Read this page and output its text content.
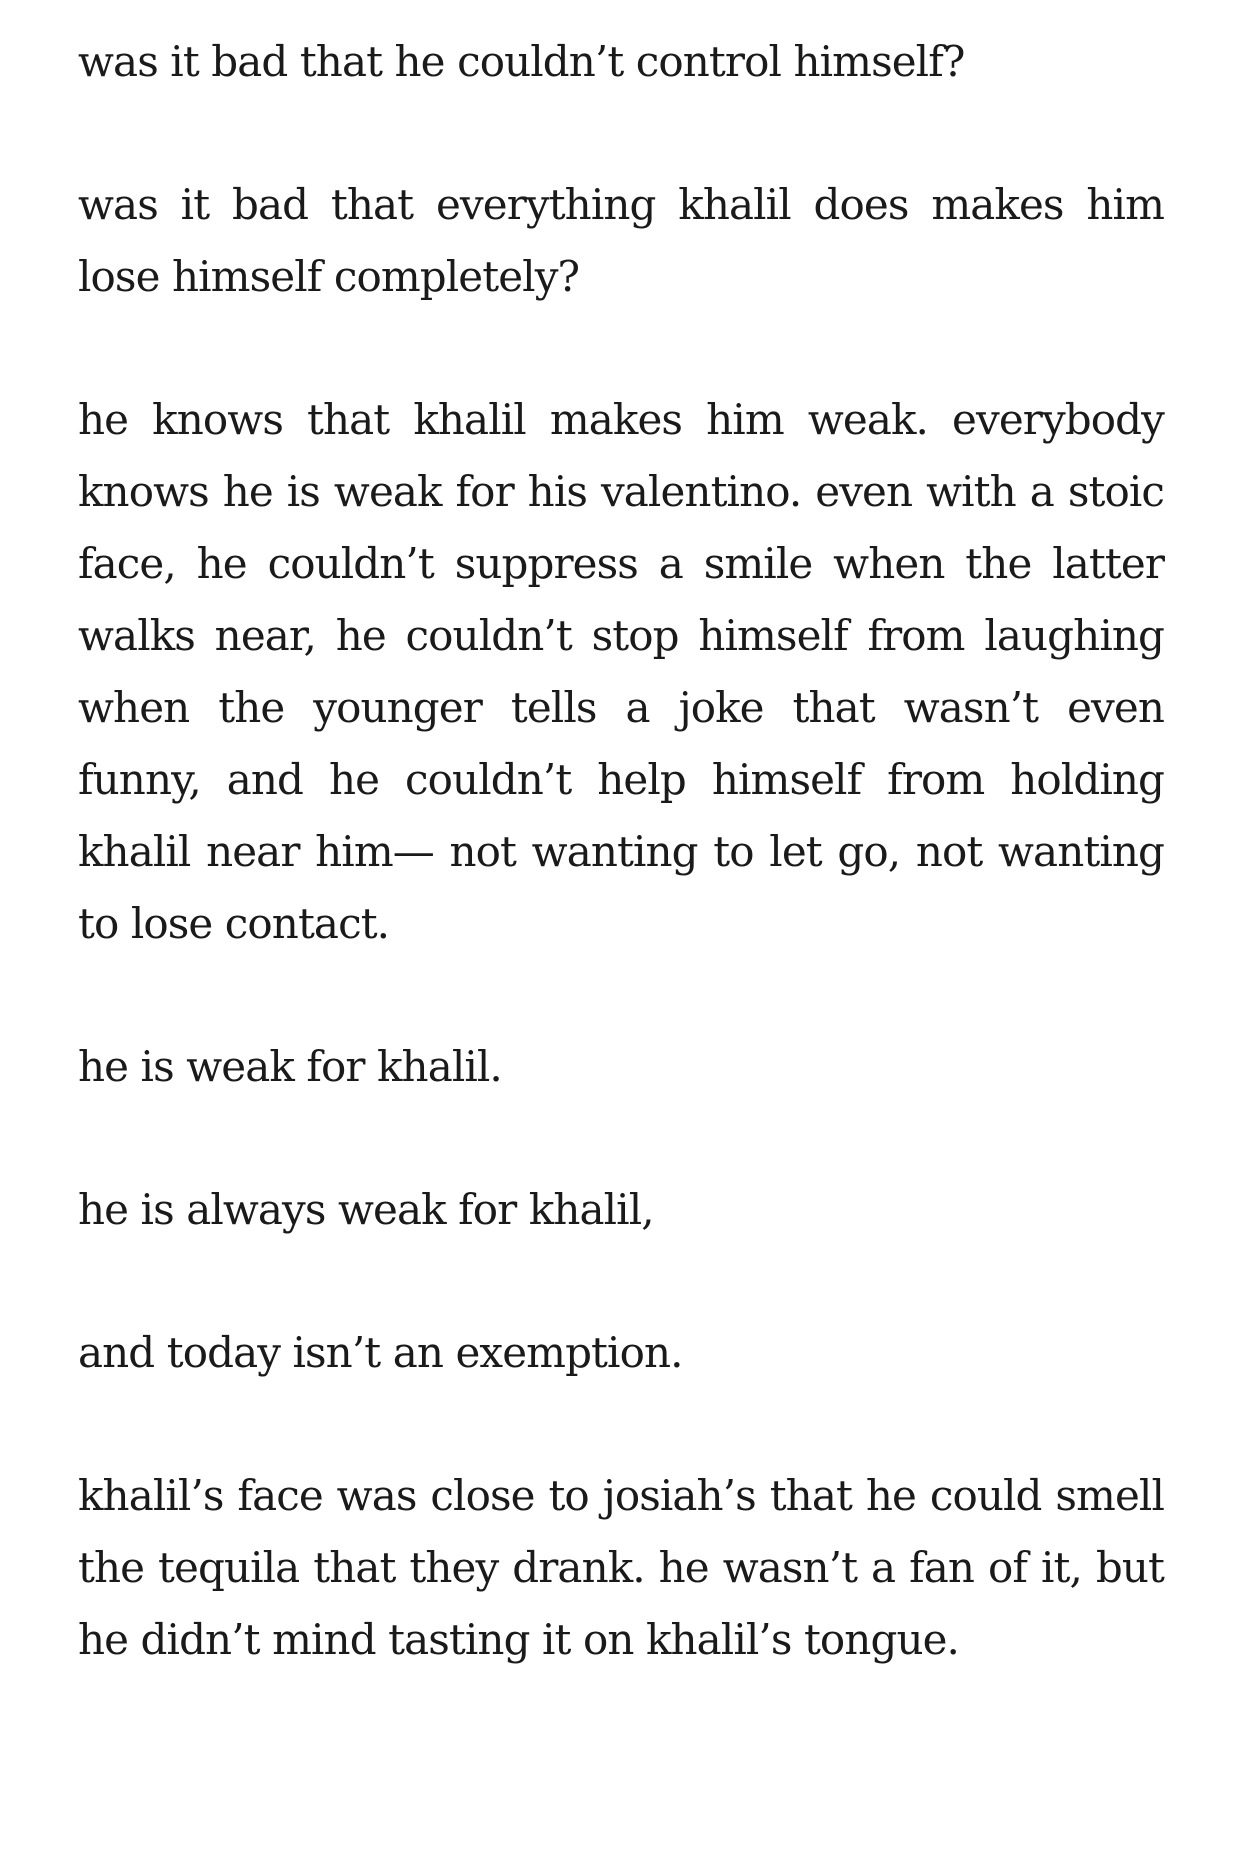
was it bad that he couldn’t control himself?

was it bad that everything khalil does makes him lose himself completely?

he knows that khalil makes him weak. everybody knows he is weak for his valentino. even with a stoic face, he couldn’t suppress a smile when the latter walks near, he couldn’t stop himself from laughing when the younger tells a joke that wasn’t even funny, and he couldn’t help himself from holding khalil near him— not wanting to let go, not wanting to lose contact.

he is weak for khalil.

he is always weak for khalil,

and today isn’t an exemption.

khalil’s face was close to josiah’s that he could smell the tequila that they drank. he wasn’t a fan of it, but he didn’t mind tasting it on khalil’s tongue.
